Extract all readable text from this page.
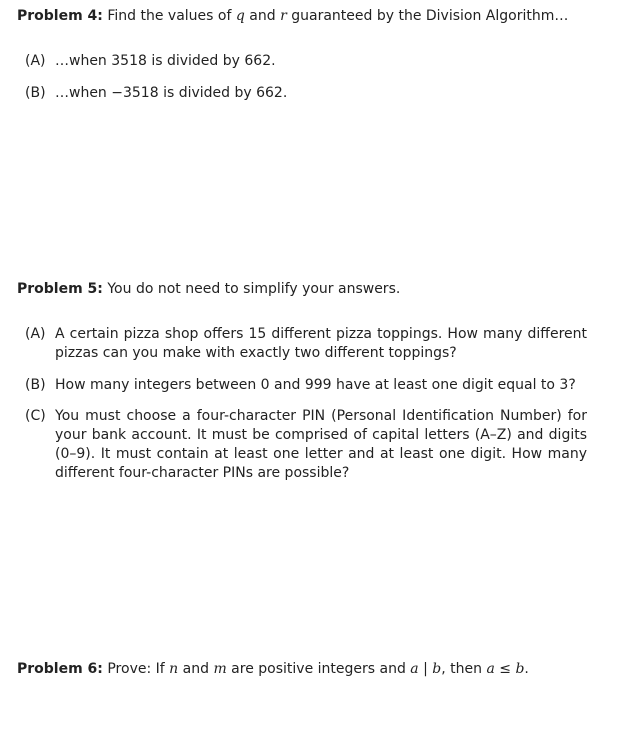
Problem 4: Find the values of q and r guaranteed by the Division Algorithm…
(A) …when 3518 is divided by 662.
(B) …when −3518 is divided by 662.
Problem 5: You do not need to simplify your answers.
(A) A certain pizza shop offers 15 different pizza toppings. How many different pizzas can you make with exactly two different toppings?
(B) How many integers between 0 and 999 have at least one digit equal to 3?
(C) You must choose a four-character PIN (Personal Identification Number) for your bank account. It must be comprised of capital letters (A–Z) and digits (0–9). It must contain at least one letter and at least one digit. How many different four-character PINs are possible?
Problem 6: Prove: If n and m are positive integers and a | b, then a ≤ b.
